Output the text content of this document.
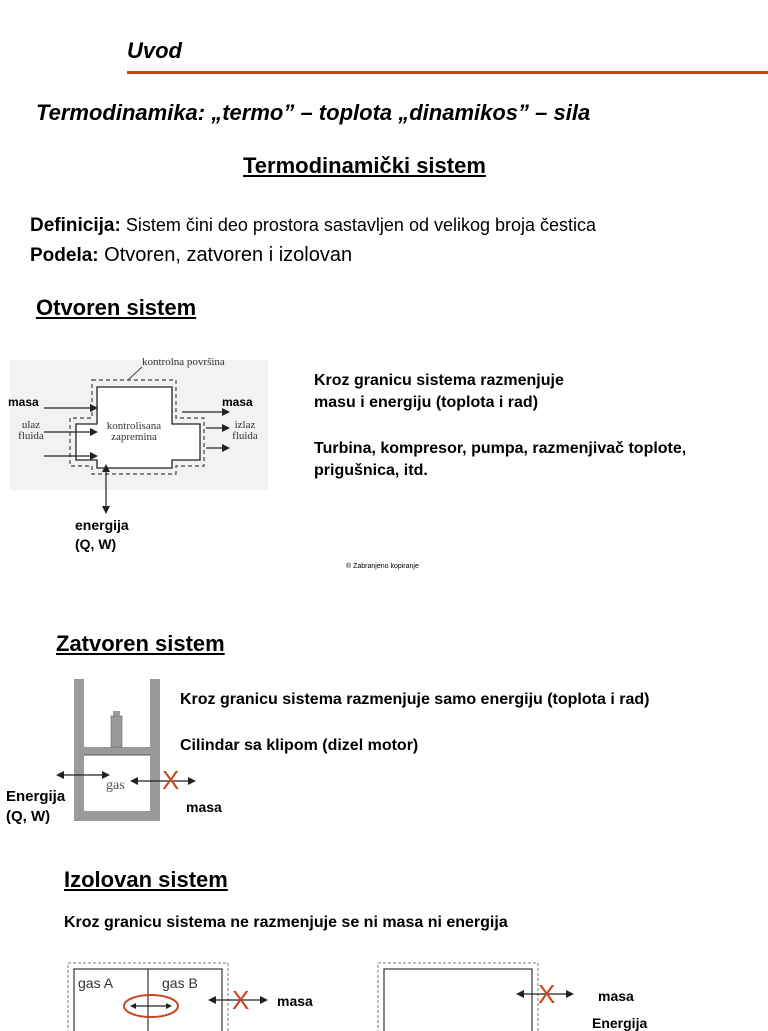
Uvod
Termodinamika: „termo” – toplota „dinamikos” – sila
Termodinamički sistem
Definicija: Sistem čini deo prostora sastavljen od velikog broja čestica
Podela: Otvoren, zatvoren i izolovan
Otvoren sistem
kontrolna površina
masa	masa
ulaz
fluida
izlaz
fluida
kontrolisana
zapremina
energija
(Q, W)
Kroz granicu sistema razmenjuje
masu i energiju (toplota i rad)
Turbina, kompresor, pumpa, razmenjivač toplote,
prigušnica, itd.
® Zabranjeno kopiranje
Zatvoren sistem
gas X
Energija
(Q, W)
masa
Kroz granicu sistema razmenjuje samo energiju (toplota i rad)
Cilindar sa klipom (dizel motor)
Izolovan sistem
Kroz granicu sistema ne razmenjuje se ni masa ni energija
gas A	gas B
X masa	X	masa
Energija
